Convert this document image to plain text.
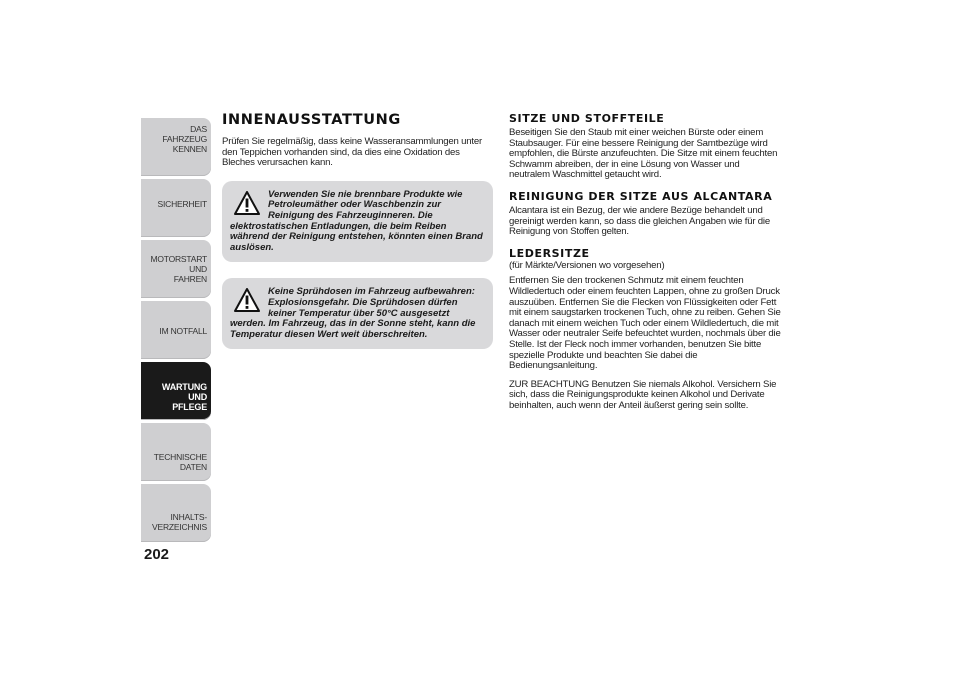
DAS FAHRZEUG
KENNEN
SICHERHEIT
MOTORSTART UND
FAHREN
IM NOTFALL
WARTUNG UND
PFLEGE
TECHNISCHE DATEN
INHALTS-
VERZEICHNIS
202
INNENAUSSTATTUNG

Prüfen Sie regelmäßig, dass keine Wasseransammlungen unter den Teppichen vorhanden sind, da dies eine Oxidation des Bleches verursachen kann.

Verwenden Sie nie brennbare Produkte wie Petroleumäther oder Waschbenzin zur Reinigung des Fahrzeuginneren. Die elektrostatischen Entladungen, die beim Reiben während der Reinigung entstehen, könnten einen Brand auslösen.
Keine Sprühdosen im Fahrzeug aufbewahren: Explosionsgefahr. Die Sprühdosen dürfen keiner Temperatur über 50°C ausgesetzt werden. Im Fahrzeug, das in der Sonne steht, kann die Temperatur diesen Wert weit überschreiten.
SITZE UND STOFFTEILE

Beseitigen Sie den Staub mit einer weichen Bürste oder einem Staubsauger. Für eine bessere Reinigung der Samtbezüge wird empfohlen, die Bürste anzufeuchten. Die Sitze mit einem feuchten Schwamm abreiben, der in eine Lösung von Wasser und neutralem Waschmittel getaucht wird.

REINIGUNG DER SITZE AUS ALCANTARA

Alcantara ist ein Bezug, der wie andere Bezüge behandelt und gereinigt werden kann, so dass die gleichen Angaben wie für die Reinigung von Stoffen gelten.

LEDERSITZE

(für Märkte/Versionen wo vorgesehen)

Entfernen Sie den trockenen Schmutz mit einem feuchten Wildledertuch oder einem feuchten Lappen, ohne zu großen Druck auszuüben. Entfernen Sie die Flecken von Flüssigkeiten oder Fett mit einem saugstarken trockenen Tuch, ohne zu reiben. Gehen Sie danach mit einem weichen Tuch oder einem Wildledertuch, die mit Wasser oder neutraler Seife befeuchtet wurden, nochmals über die Stelle. Ist der Fleck noch immer vorhanden, benutzen Sie bitte spezielle Produkte und beachten Sie dabei die Bedienungsanleitung.

ZUR BEACHTUNG Benutzen Sie niemals Alkohol. Versichern Sie sich, dass die Reinigungsprodukte keinen Alkohol und Derivate beinhalten, auch wenn der Anteil äußerst gering sein sollte.
